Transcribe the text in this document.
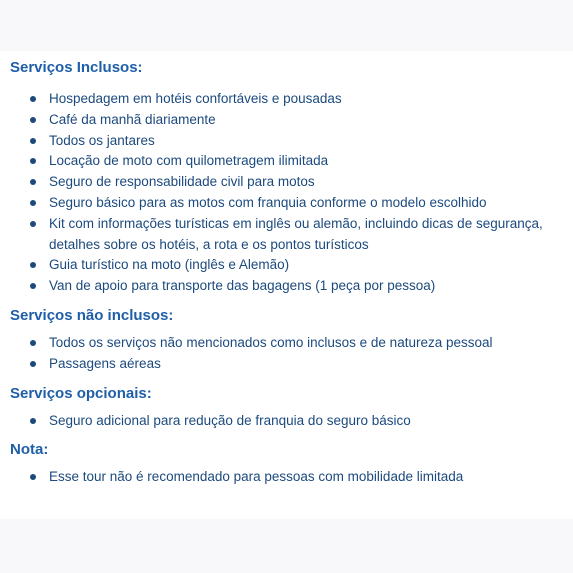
Serviços Inclusos:
Hospedagem em hotéis confortáveis e pousadas
Café da manhã diariamente
Todos os jantares
Locação de moto com quilometragem ilimitada
Seguro de responsabilidade civil para motos
Seguro básico para as motos com franquia conforme o modelo escolhido
Kit com informações turísticas em inglês ou alemão, incluindo dicas de segurança, detalhes sobre os hotéis, a rota e os pontos turísticos
Guia turístico na moto (inglês e Alemão)
Van de apoio para transporte das bagagens (1 peça por pessoa)
Serviços não inclusos:
Todos os serviços não mencionados como inclusos e de natureza pessoal
Passagens aéreas
Serviços opcionais:
Seguro adicional para redução de franquia do seguro básico
Nota:
Esse tour não é recomendado para pessoas com mobilidade limitada
